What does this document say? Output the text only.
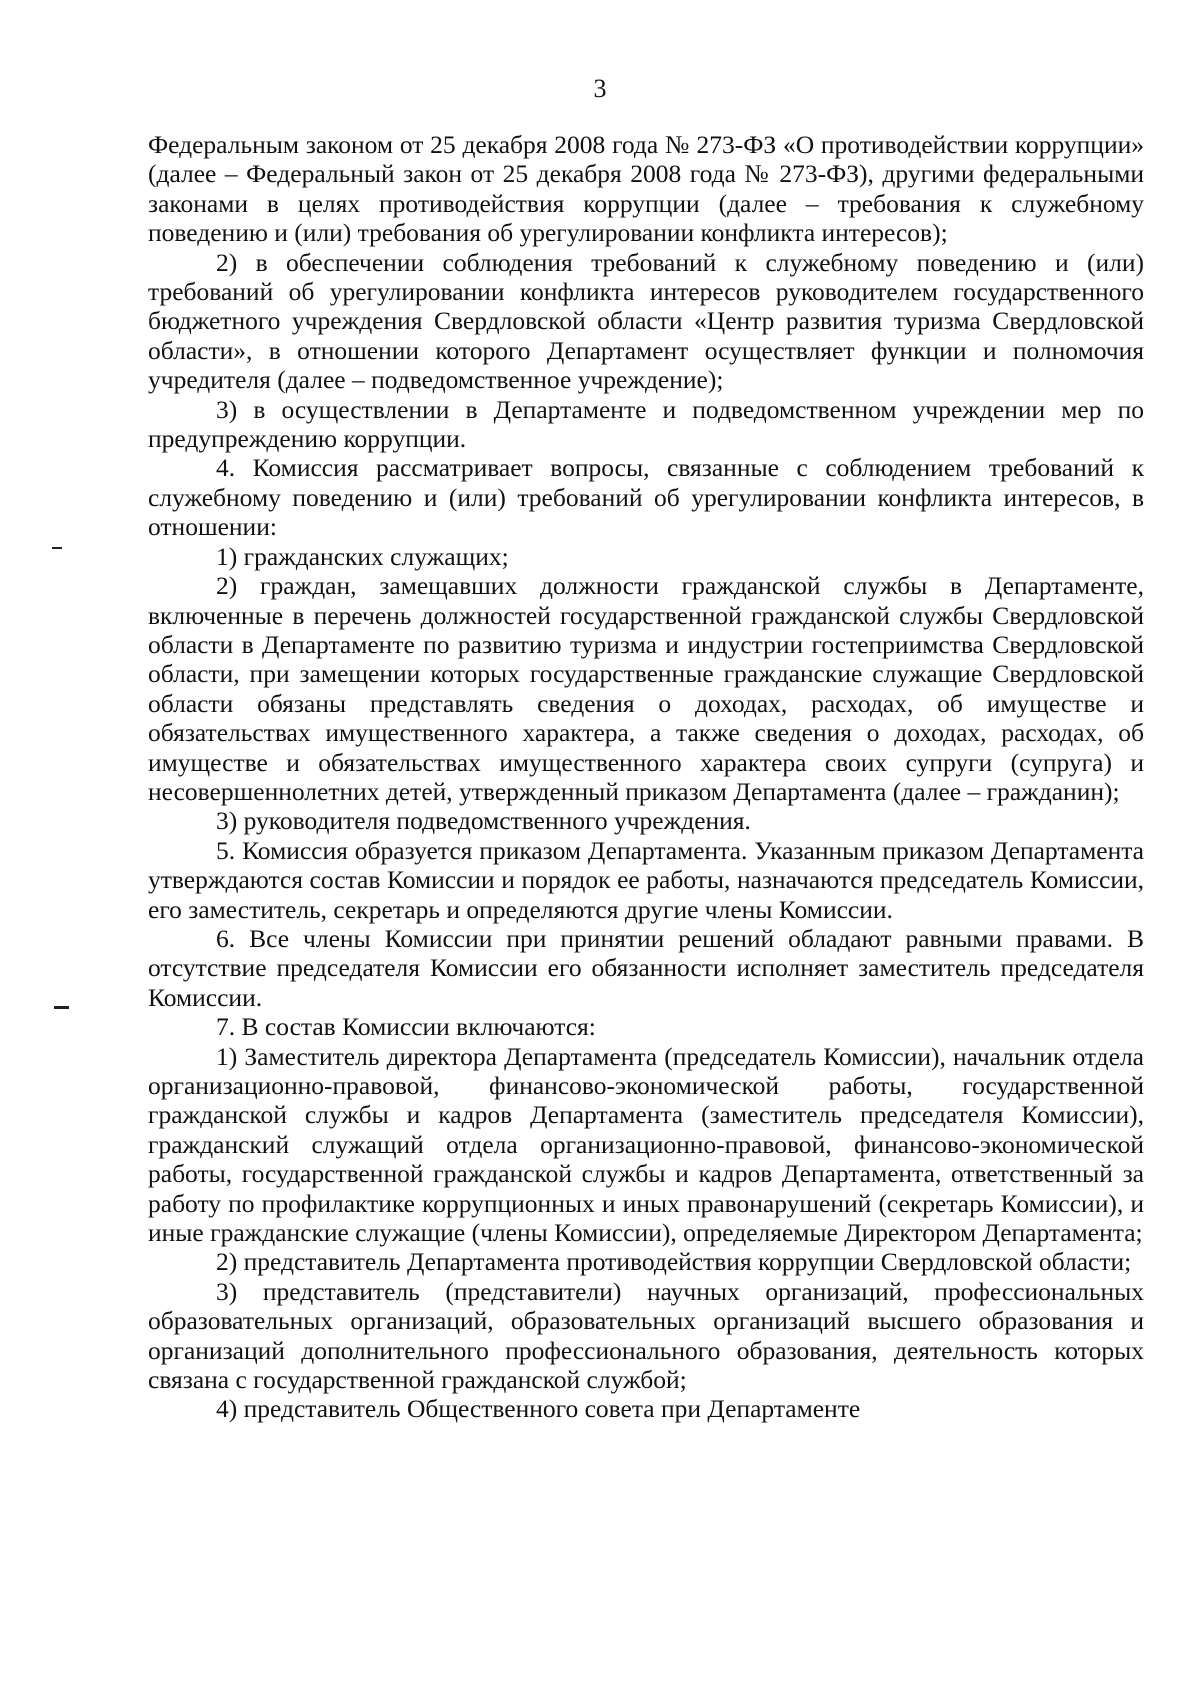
3

Федеральным законом от 25 декабря 2008 года № 273-ФЗ «О противодействии коррупции» (далее – Федеральный закон от 25 декабря 2008 года № 273-ФЗ), другими федеральными законами в целях противодействия коррупции (далее – требования к служебному поведению и (или) требования об урегулировании конфликта интересов);

2) в обеспечении соблюдения требований к служебному поведению и (или) требований об урегулировании конфликта интересов руководителем государственного бюджетного учреждения Свердловской области «Центр развития туризма Свердловской области», в отношении которого Департамент осуществляет функции и полномочия учредителя (далее – подведомственное учреждение);

3) в осуществлении в Департаменте и подведомственном учреждении мер по предупреждению коррупции.

4. Комиссия рассматривает вопросы, связанные с соблюдением требований к служебному поведению и (или) требований об урегулировании конфликта интересов, в отношении:

1) гражданских служащих;

2) граждан, замещавших должности гражданской службы в Департаменте, включенные в перечень должностей государственной гражданской службы Свердловской области в Департаменте по развитию туризма и индустрии гостеприимства Свердловской области, при замещении которых государственные гражданские служащие Свердловской области обязаны представлять сведения о доходах, расходах, об имуществе и обязательствах имущественного характера, а также сведения о доходах, расходах, об имуществе и обязательствах имущественного характера своих супруги (супруга) и несовершеннолетних детей, утвержденный приказом Департамента (далее – гражданин);

3) руководителя подведомственного учреждения.

5. Комиссия образуется приказом Департамента. Указанным приказом Департамента утверждаются состав Комиссии и порядок ее работы, назначаются председатель Комиссии, его заместитель, секретарь и определяются другие члены Комиссии.

6. Все члены Комиссии при принятии решений обладают равными правами. В отсутствие председателя Комиссии его обязанности исполняет заместитель председателя Комиссии.

7. В состав Комиссии включаются:

1) Заместитель директора Департамента (председатель Комиссии), начальник отдела организационно-правовой, финансово-экономической работы, государственной гражданской службы и кадров Департамента (заместитель председателя Комиссии), гражданский служащий отдела организационно-правовой, финансово-экономической работы, государственной гражданской службы и кадров Департамента, ответственный за работу по профилактике коррупционных и иных правонарушений (секретарь Комиссии), и иные гражданские служащие (члены Комиссии), определяемые Директором Департамента;

2) представитель Департамента противодействия коррупции Свердловской области;

3) представитель (представители) научных организаций, профессиональных образовательных организаций, образовательных организаций высшего образования и организаций дополнительного профессионального образования, деятельность которых связана с государственной гражданской службой;

4) представитель Общественного совета при Департаменте
